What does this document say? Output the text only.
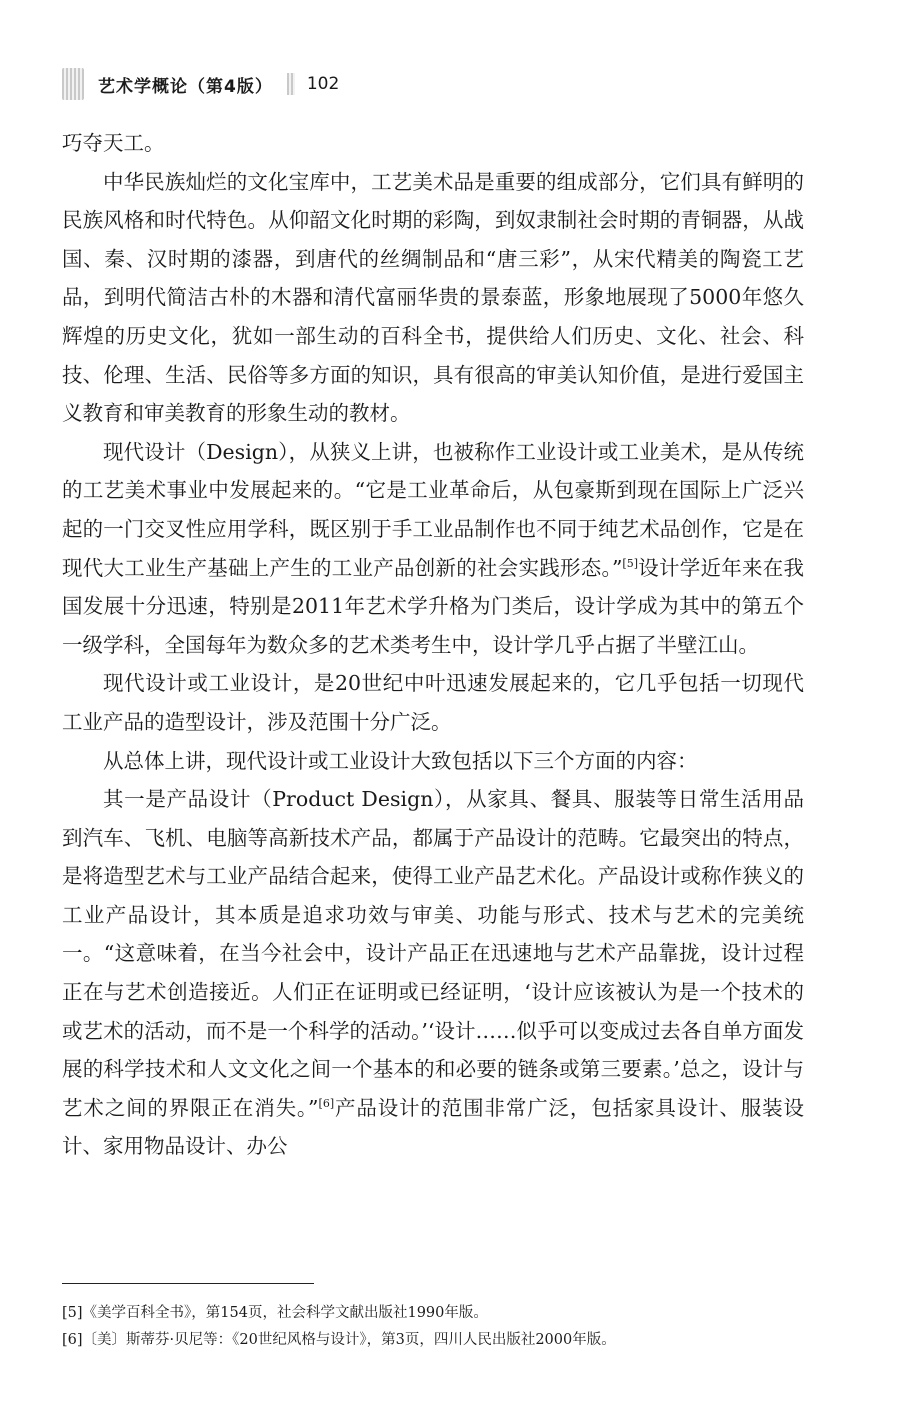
艺术学概论（第4版） 102

巧夺天工。

中华民族灿烂的文化宝库中，工艺美术品是重要的组成部分，它们具有鲜明的民族风格和时代特色。从仰韶文化时期的彩陶，到奴隶制社会时期的青铜器，从战国、秦、汉时期的漆器，到唐代的丝绸制品和“唐三彩”，从宋代精美的陶瓷工艺品，到明代简洁古朴的木器和清代富丽华贵的景泰蓝，形象地展现了5000年悠久辉煌的历史文化，犹如一部生动的百科全书，提供给人们历史、文化、社会、科技、伦理、生活、民俗等多方面的知识，具有很高的审美认知价值，是进行爱国主义教育和审美教育的形象生动的教材。

现代设计（Design），从狭义上讲，也被称作工业设计或工业美术，是从传统的工艺美术事业中发展起来的。“它是工业革命后，从包豪斯到现在国际上广泛兴起的一门交叉性应用学科，既区别于手工业品制作也不同于纯艺术品创作，它是在现代大工业生产基础上产生的工业产品创新的社会实践形态。”[5]设计学近年来在我国发展十分迅速，特别是2011年艺术学升格为门类后，设计学成为其中的第五个一级学科，全国每年为数众多的艺术类考生中，设计学几乎占据了半壁江山。

现代设计或工业设计，是20世纪中叶迅速发展起来的，它几乎包括一切现代工业产品的造型设计，涉及范围十分广泛。

从总体上讲，现代设计或工业设计大致包括以下三个方面的内容：

其一是产品设计（Product Design），从家具、餐具、服装等日常生活用品到汽车、飞机、电脑等高新技术产品，都属于产品设计的范畴。它最突出的特点，是将造型艺术与工业产品结合起来，使得工业产品艺术化。产品设计或称作狭义的工业产品设计，其本质是追求功效与审美、功能与形式、技术与艺术的完美统一。“这意味着，在当今社会中，设计产品正在迅速地与艺术产品靠拢，设计过程正在与艺术创造接近。人们正在证明或已经证明，‘设计应该被认为是一个技术的或艺术的活动，而不是一个科学的活动。’‘设计……似乎可以变成过去各自单方面发展的科学技术和人文文化之间一个基本的和必要的链条或第三要素。’总之，设计与艺术之间的界限正在消失。”[6]产品设计的范围非常广泛，包括家具设计、服装设计、家用物品设计、办公

[5]《美学百科全书》，第154页，社会科学文献出版社1990年版。
[6]〔美〕斯蒂芬·贝尼等：《20世纪风格与设计》，第3页，四川人民出版社2000年版。
